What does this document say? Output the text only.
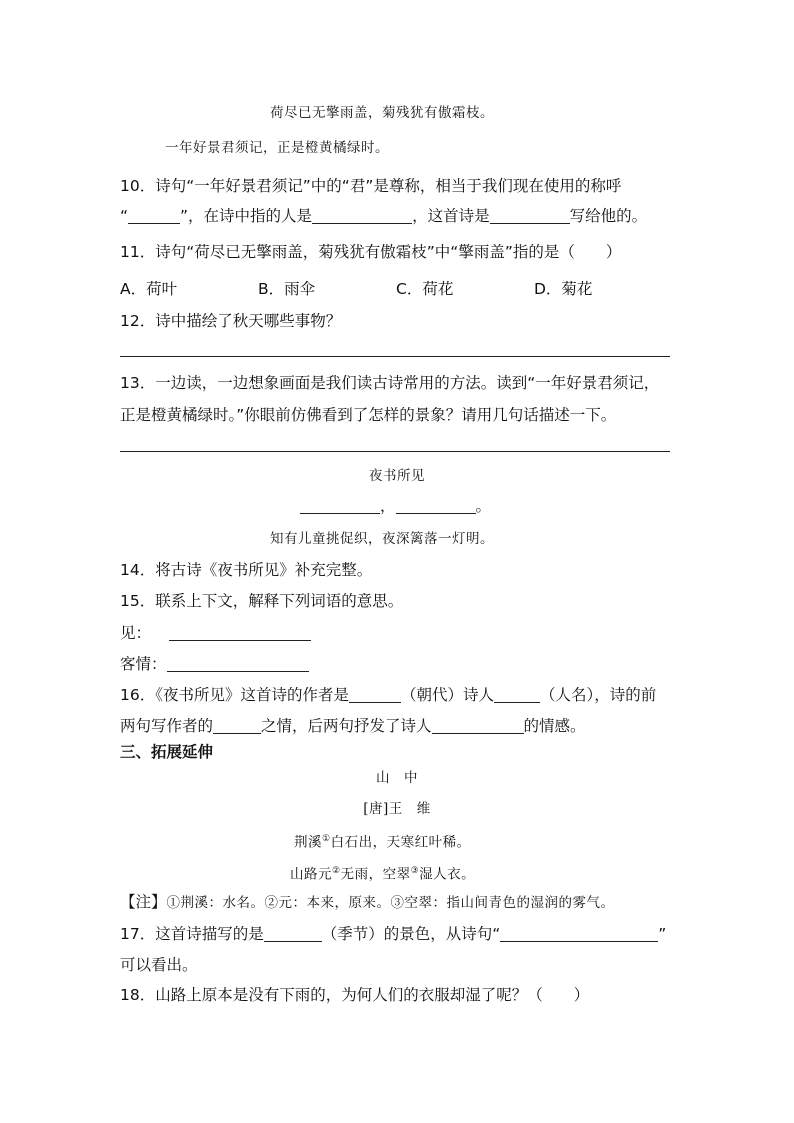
荷尽已无擎雨盖，菊残犹有傲霜枝。
一年好景君须记，正是橙黄橘绿时。
10．诗句“一年好景君须记”中的“君”是尊称，相当于我们现在使用的称呼
“	”，在诗中指的人是	，这首诗是	写给他的。
11．诗句“荷尽已无擎雨盖，菊残犹有傲霜枝”中“擎雨盖”指的是（　　）
A．荷叶	B．雨伞	C．荷花	D．菊花
12．诗中描绘了秋天哪些事物？
13．一边读，一边想象画面是我们读古诗常用的方法。读到“一年好景君须记，
正是橙黄橘绿时。”你眼前仿佛看到了怎样的景象？请用几句话描述一下。
夜书所见
，	。
知有儿童挑促织，夜深篱落一灯明。
14．将古诗《夜书所见》补充完整。
15．联系上下文，解释下列词语的意思。
见：
客情：
16．《夜书所见》这首诗的作者是	（朝代）诗人	（人名），诗的前
两句写作者的	之情，后两句抒发了诗人	的情感。
三、拓展延伸
山　中
[唐]王　维
荆溪①白石出，天寒红叶稀。
山路元②无雨，空翠③湿人衣。
【注】①荆溪：水名。②元：本来，原来。③空翠：指山间青色的湿润的雾气。
17．这首诗描写的是	（季节）的景色，从诗句“	”
可以看出。
18．山路上原本是没有下雨的，为何人们的衣服却湿了呢？（　　）
